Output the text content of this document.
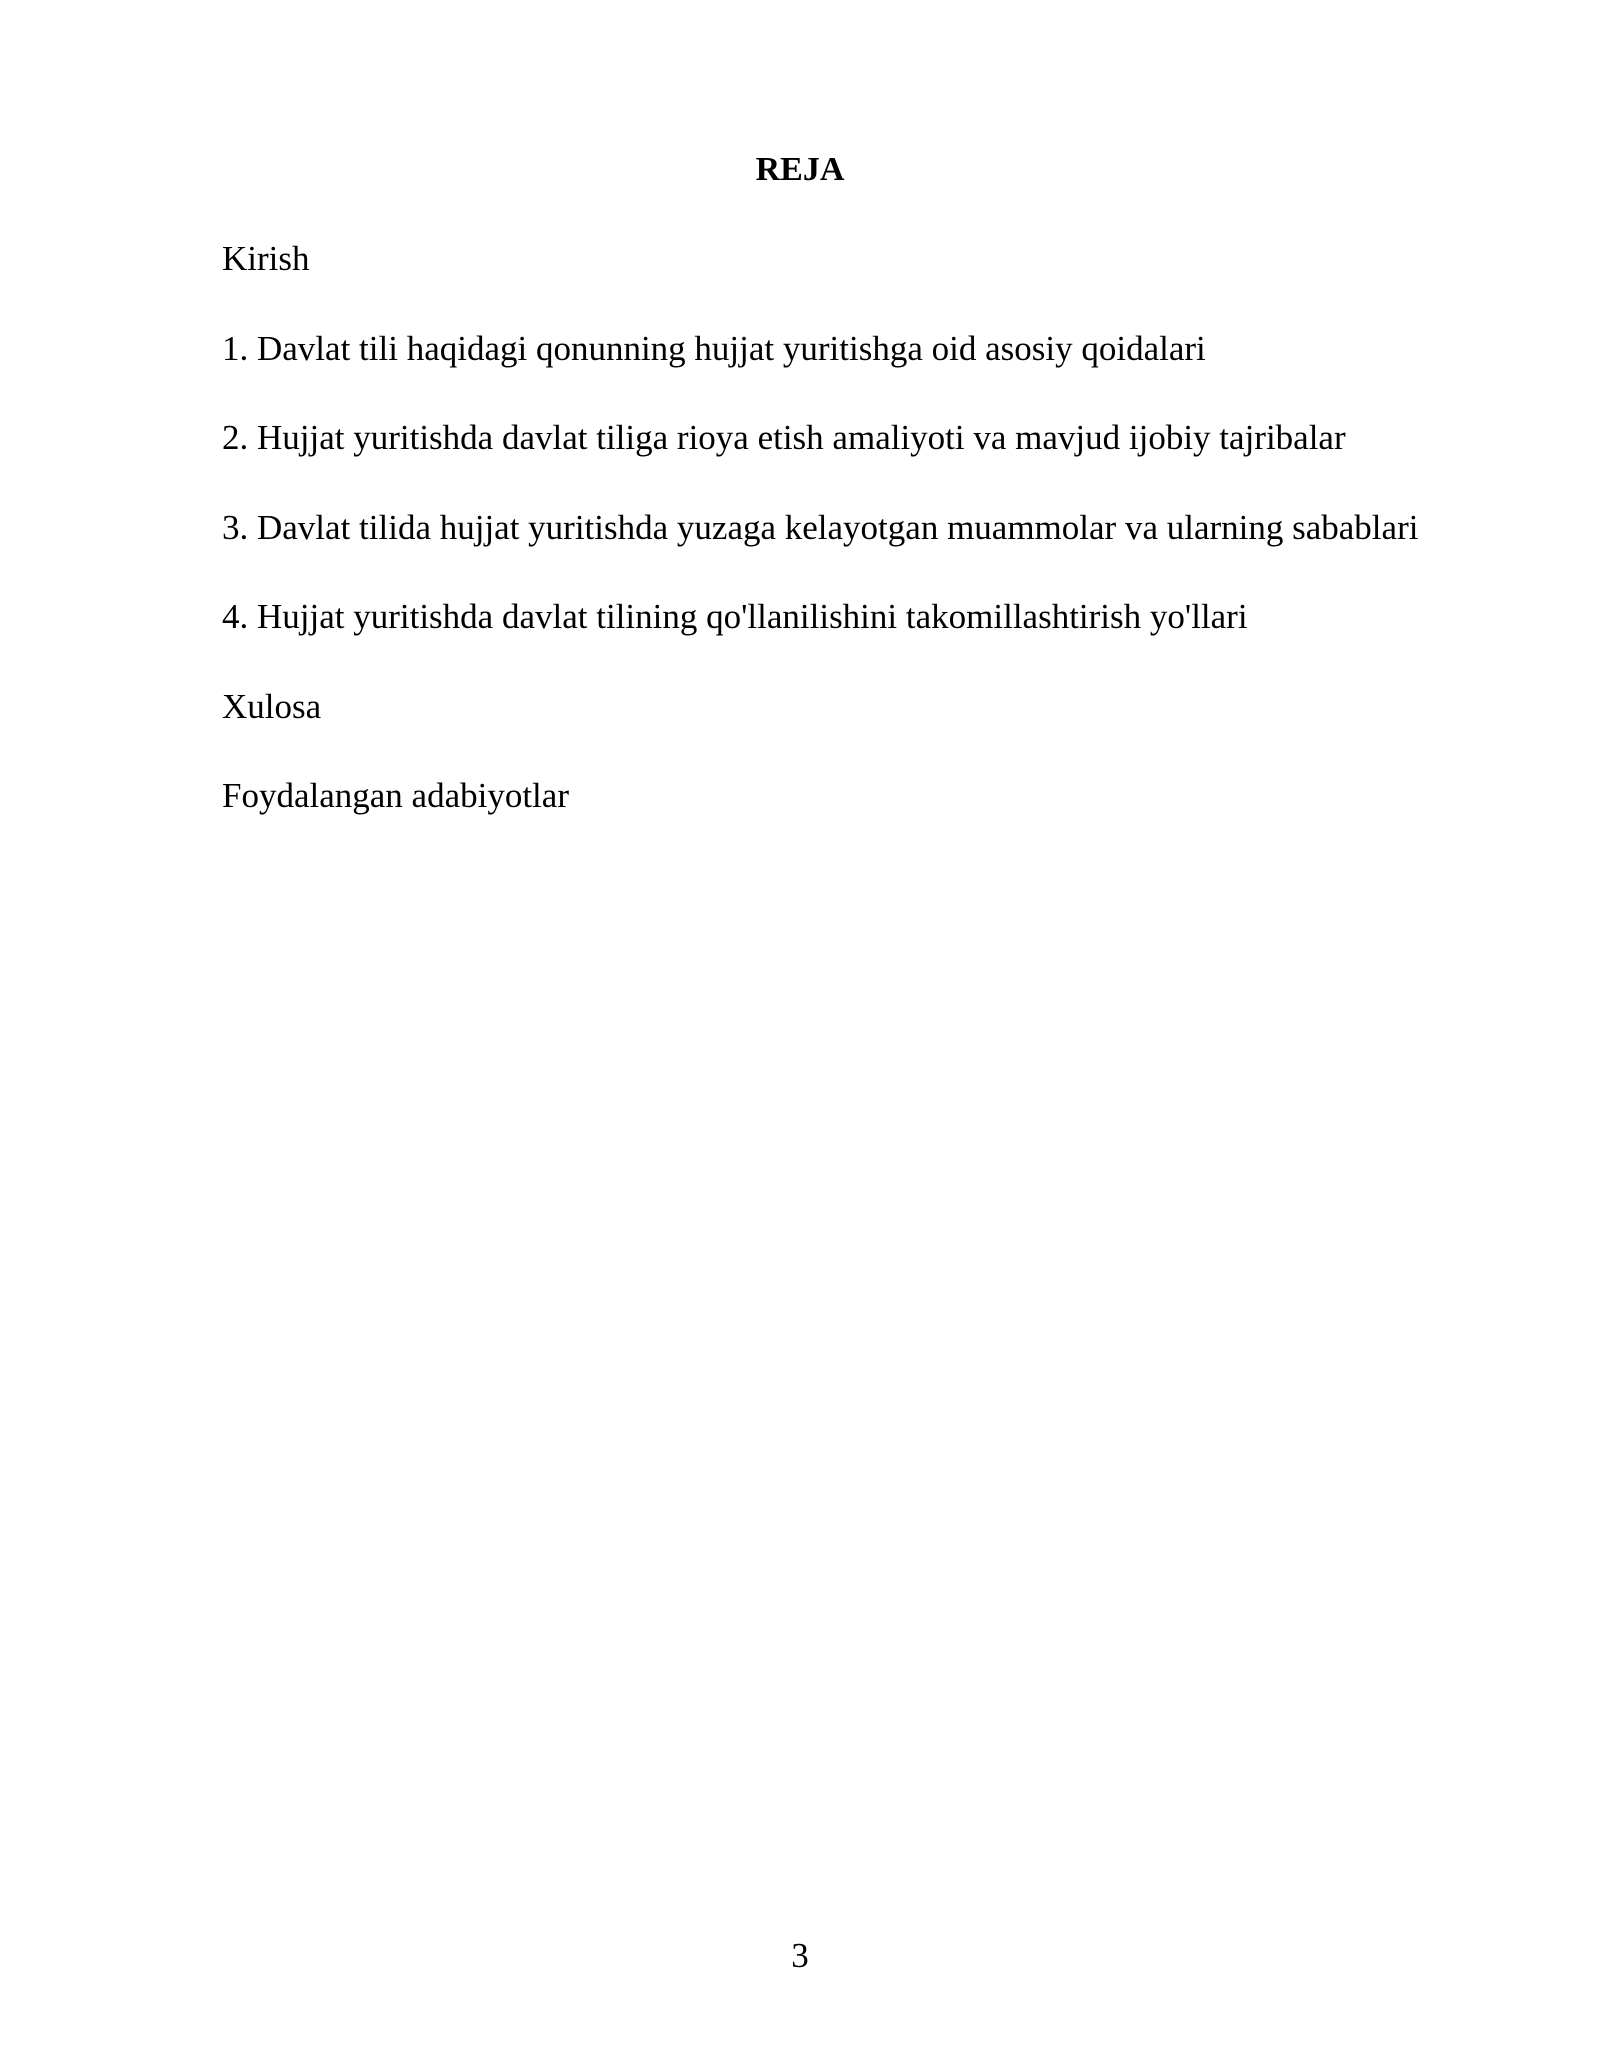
REJA
Kirish
1. Davlat tili haqidagi qonunning hujjat yuritishga oid asosiy qoidalari
2. Hujjat yuritishda davlat tiliga rioya etish amaliyoti va mavjud ijobiy tajribalar
3. Davlat tilida hujjat yuritishda yuzaga kelayotgan muammolar va ularning sabablari
4. Hujjat yuritishda davlat tilining qo'llanilishini takomillashtirish yo'llari
Xulosa
Foydalangan adabiyotlar
3
